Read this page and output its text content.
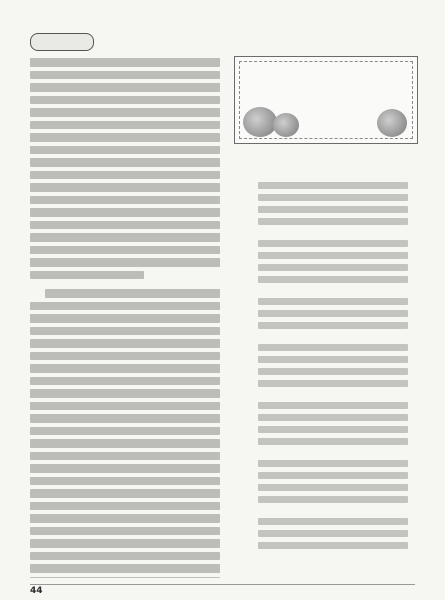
44
